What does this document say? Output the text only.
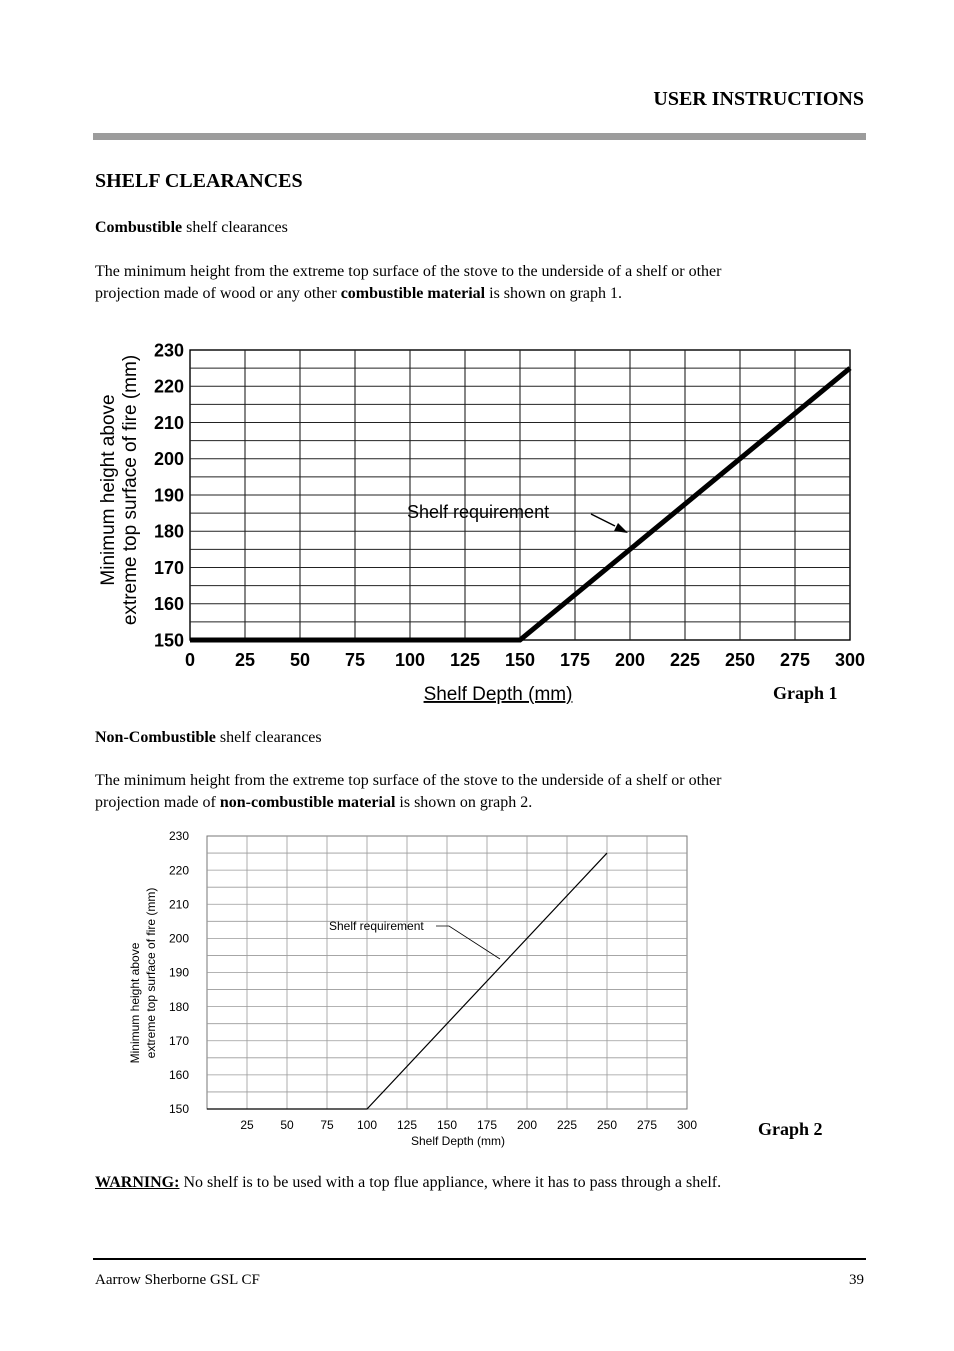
USER INSTRUCTIONS
SHELF CLEARANCES
Combustible shelf clearances

The minimum height from the extreme top surface of the stove to the underside of a shelf or other

projection made of wood or any other combustible material is shown on graph 1.

150
160
170
180
190
200
210
220
230
0 25 50 75 100 125 150 175 200 225 250 275 300
Shelf requirement
Shelf Depth (mm)
Minimum height above extreme top surface of fire (mm)
Graph 1
Non-Combustible shelf clearances

The minimum height from the extreme top surface of the stove to the underside of a shelf or other

projection made of non-combustible material is shown on graph 2.

150
160
170
180
190
200
210
220
230
25 50 75 100 125 150 175 200 225 250 275 300
Shelf requirement
Shelf Depth (mm)
Minimum height above extreme top surface of fire (mm)
Graph 2

WARNING: No shelf is to be used with a top flue appliance, where it has to pass through a shelf.

Aarrow Sherborne GSL CF	39
